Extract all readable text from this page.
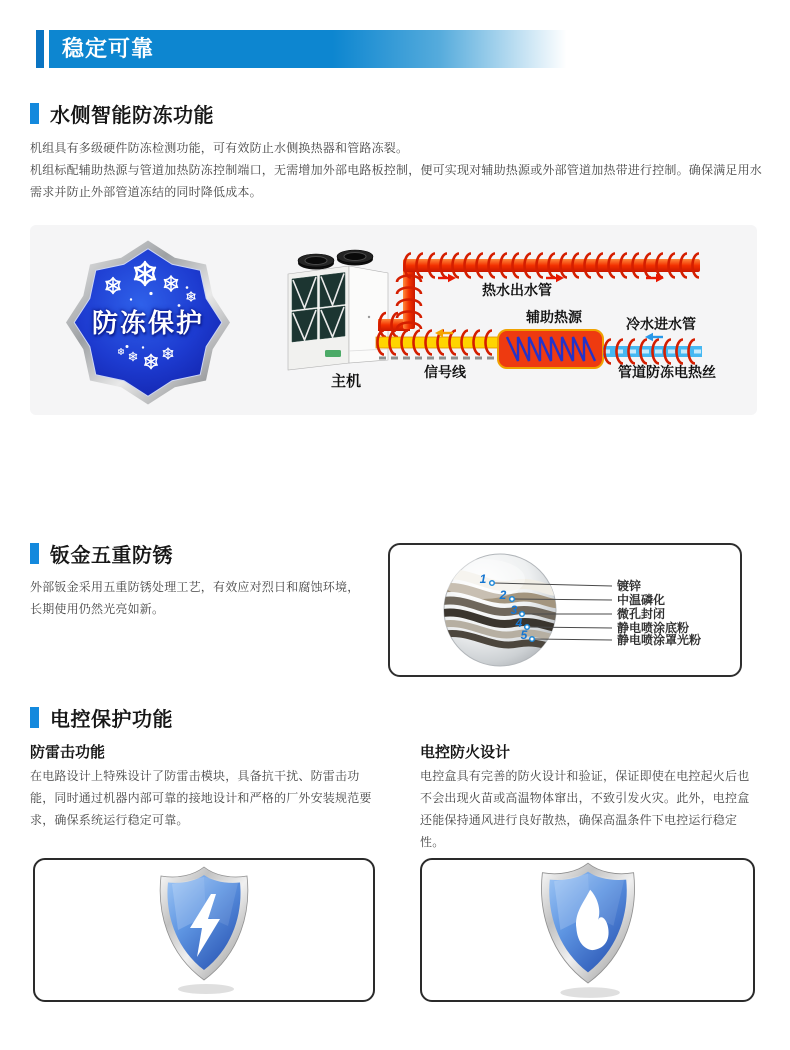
稳定可靠
水侧智能防冻功能

机组具有多级硬件防冻检测功能，可有效防止水侧换热器和管路冻裂。

机组标配辅助热源与管道加热防冻控制端口，无需增加外部电路板控制，便可实现对辅助热源或外部管道加热带进行控制。确保满足用水需求并防止外部管道冻结的同时降低成本。

防冻保护
热水出水管
辅助热源	冷水进水管
信号线	管道防冻电热丝
主机
钣金五重防锈

外部钣金采用五重防锈处理工艺，有效应对烈日和腐蚀环境，长期使用仍然光亮如新。

1
2
3
4
5
镀锌
中温磷化
微孔封闭
静电喷涂底粉
静电喷涂罩光粉
电控保护功能
防雷击功能

在电路设计上特殊设计了防雷击模块，具备抗干扰、防雷击功能，同时通过机器内部可靠的接地设计和严格的厂外安装规范要求，确保系统运行稳定可靠。

电控防火设计

电控盒具有完善的防火设计和验证，保证即使在电控起火后也不会出现火苗或高温物体窜出，不致引发火灾。此外，电控盒还能保持通风进行良好散热，确保高温条件下电控运行稳定性。
